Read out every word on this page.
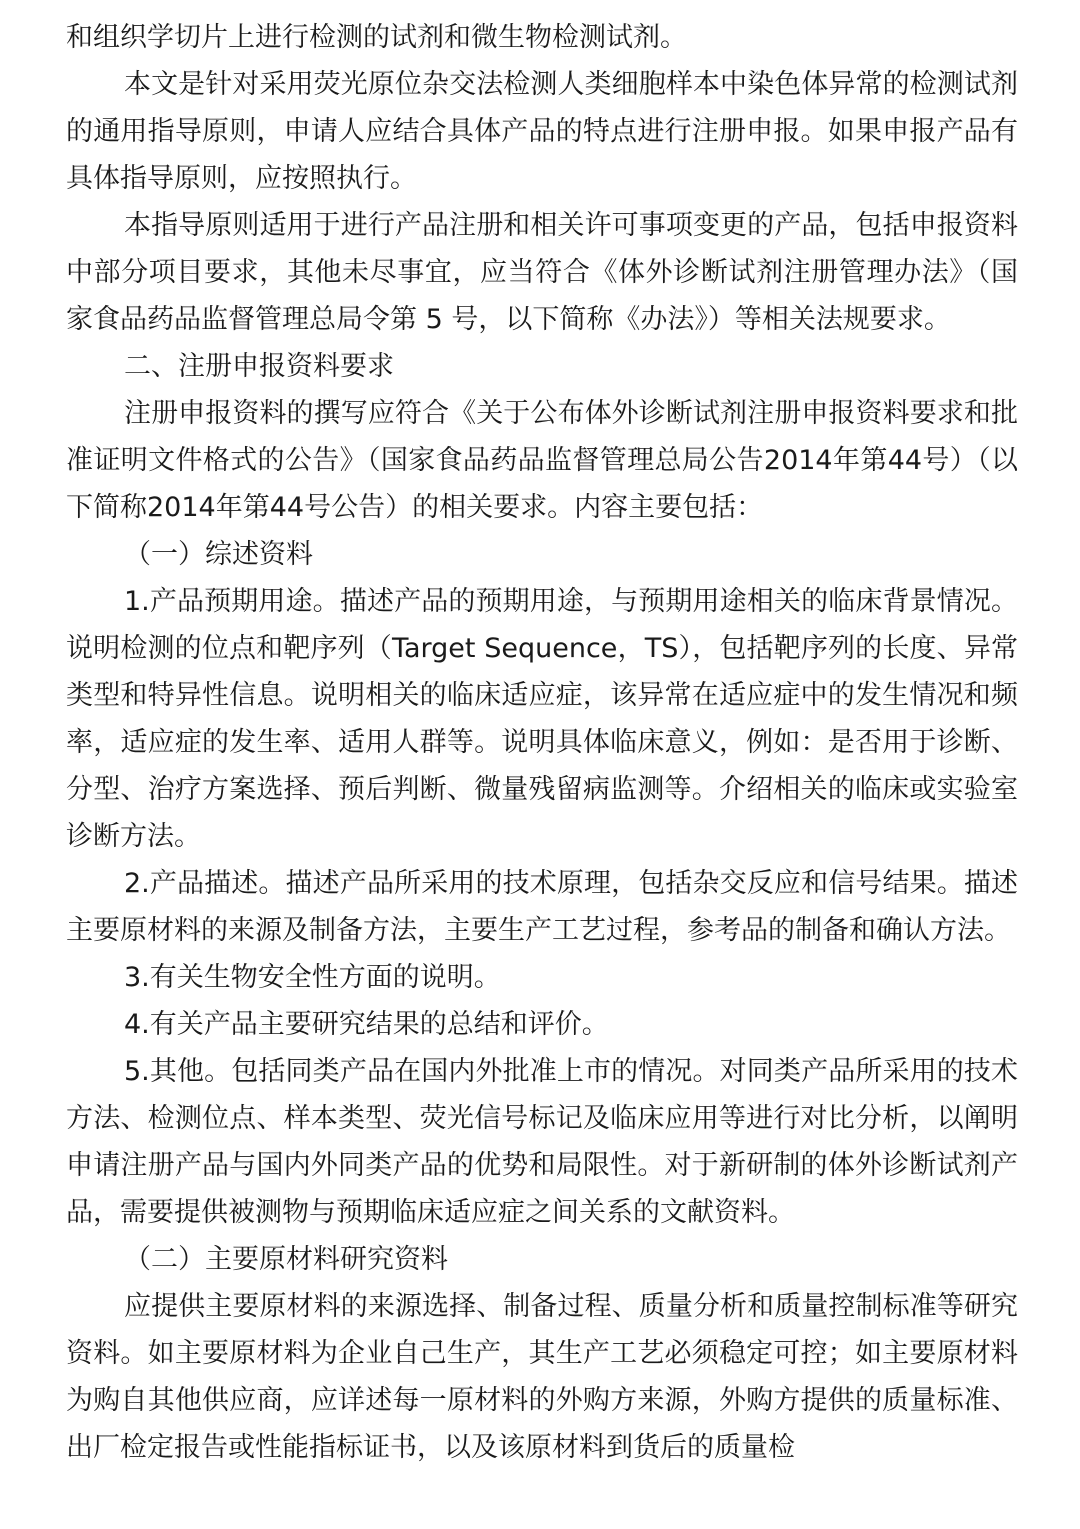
和组织学切片上进行检测的试剂和微生物检测试剂。

本文是针对采用荧光原位杂交法检测人类细胞样本中染色体异常的检测试剂的通用指导原则，申请人应结合具体产品的特点进行注册申报。如果申报产品有具体指导原则，应按照执行。

本指导原则适用于进行产品注册和相关许可事项变更的产品，包括申报资料中部分项目要求，其他未尽事宜，应当符合《体外诊断试剂注册管理办法》（国家食品药品监督管理总局令第 5 号，以下简称《办法》）等相关法规要求。

二、注册申报资料要求

注册申报资料的撰写应符合《关于公布体外诊断试剂注册申报资料要求和批准证明文件格式的公告》（国家食品药品监督管理总局公告2014年第44号）（以下简称2014年第44号公告）的相关要求。内容主要包括：

（一）综述资料

1.产品预期用途。描述产品的预期用途，与预期用途相关的临床背景情况。说明检测的位点和靶序列（Target Sequence，TS），包括靶序列的长度、异常类型和特异性信息。说明相关的临床适应症，该异常在适应症中的发生情况和频率，适应症的发生率、适用人群等。说明具体临床意义，例如：是否用于诊断、分型、治疗方案选择、预后判断、微量残留病监测等。介绍相关的临床或实验室诊断方法。

2.产品描述。描述产品所采用的技术原理，包括杂交反应和信号结果。描述主要原材料的来源及制备方法，主要生产工艺过程，参考品的制备和确认方法。

3.有关生物安全性方面的说明。

4.有关产品主要研究结果的总结和评价。

5.其他。包括同类产品在国内外批准上市的情况。对同类产品所采用的技术方法、检测位点、样本类型、荧光信号标记及临床应用等进行对比分析，以阐明申请注册产品与国内外同类产品的优势和局限性。对于新研制的体外诊断试剂产品，需要提供被测物与预期临床适应症之间关系的文献资料。

（二）主要原材料研究资料

应提供主要原材料的来源选择、制备过程、质量分析和质量控制标准等研究资料。如主要原材料为企业自己生产，其生产工艺必须稳定可控；如主要原材料为购自其他供应商，应详述每一原材料的外购方来源，外购方提供的质量标准、出厂检定报告或性能指标证书，以及该原材料到货后的质量检
